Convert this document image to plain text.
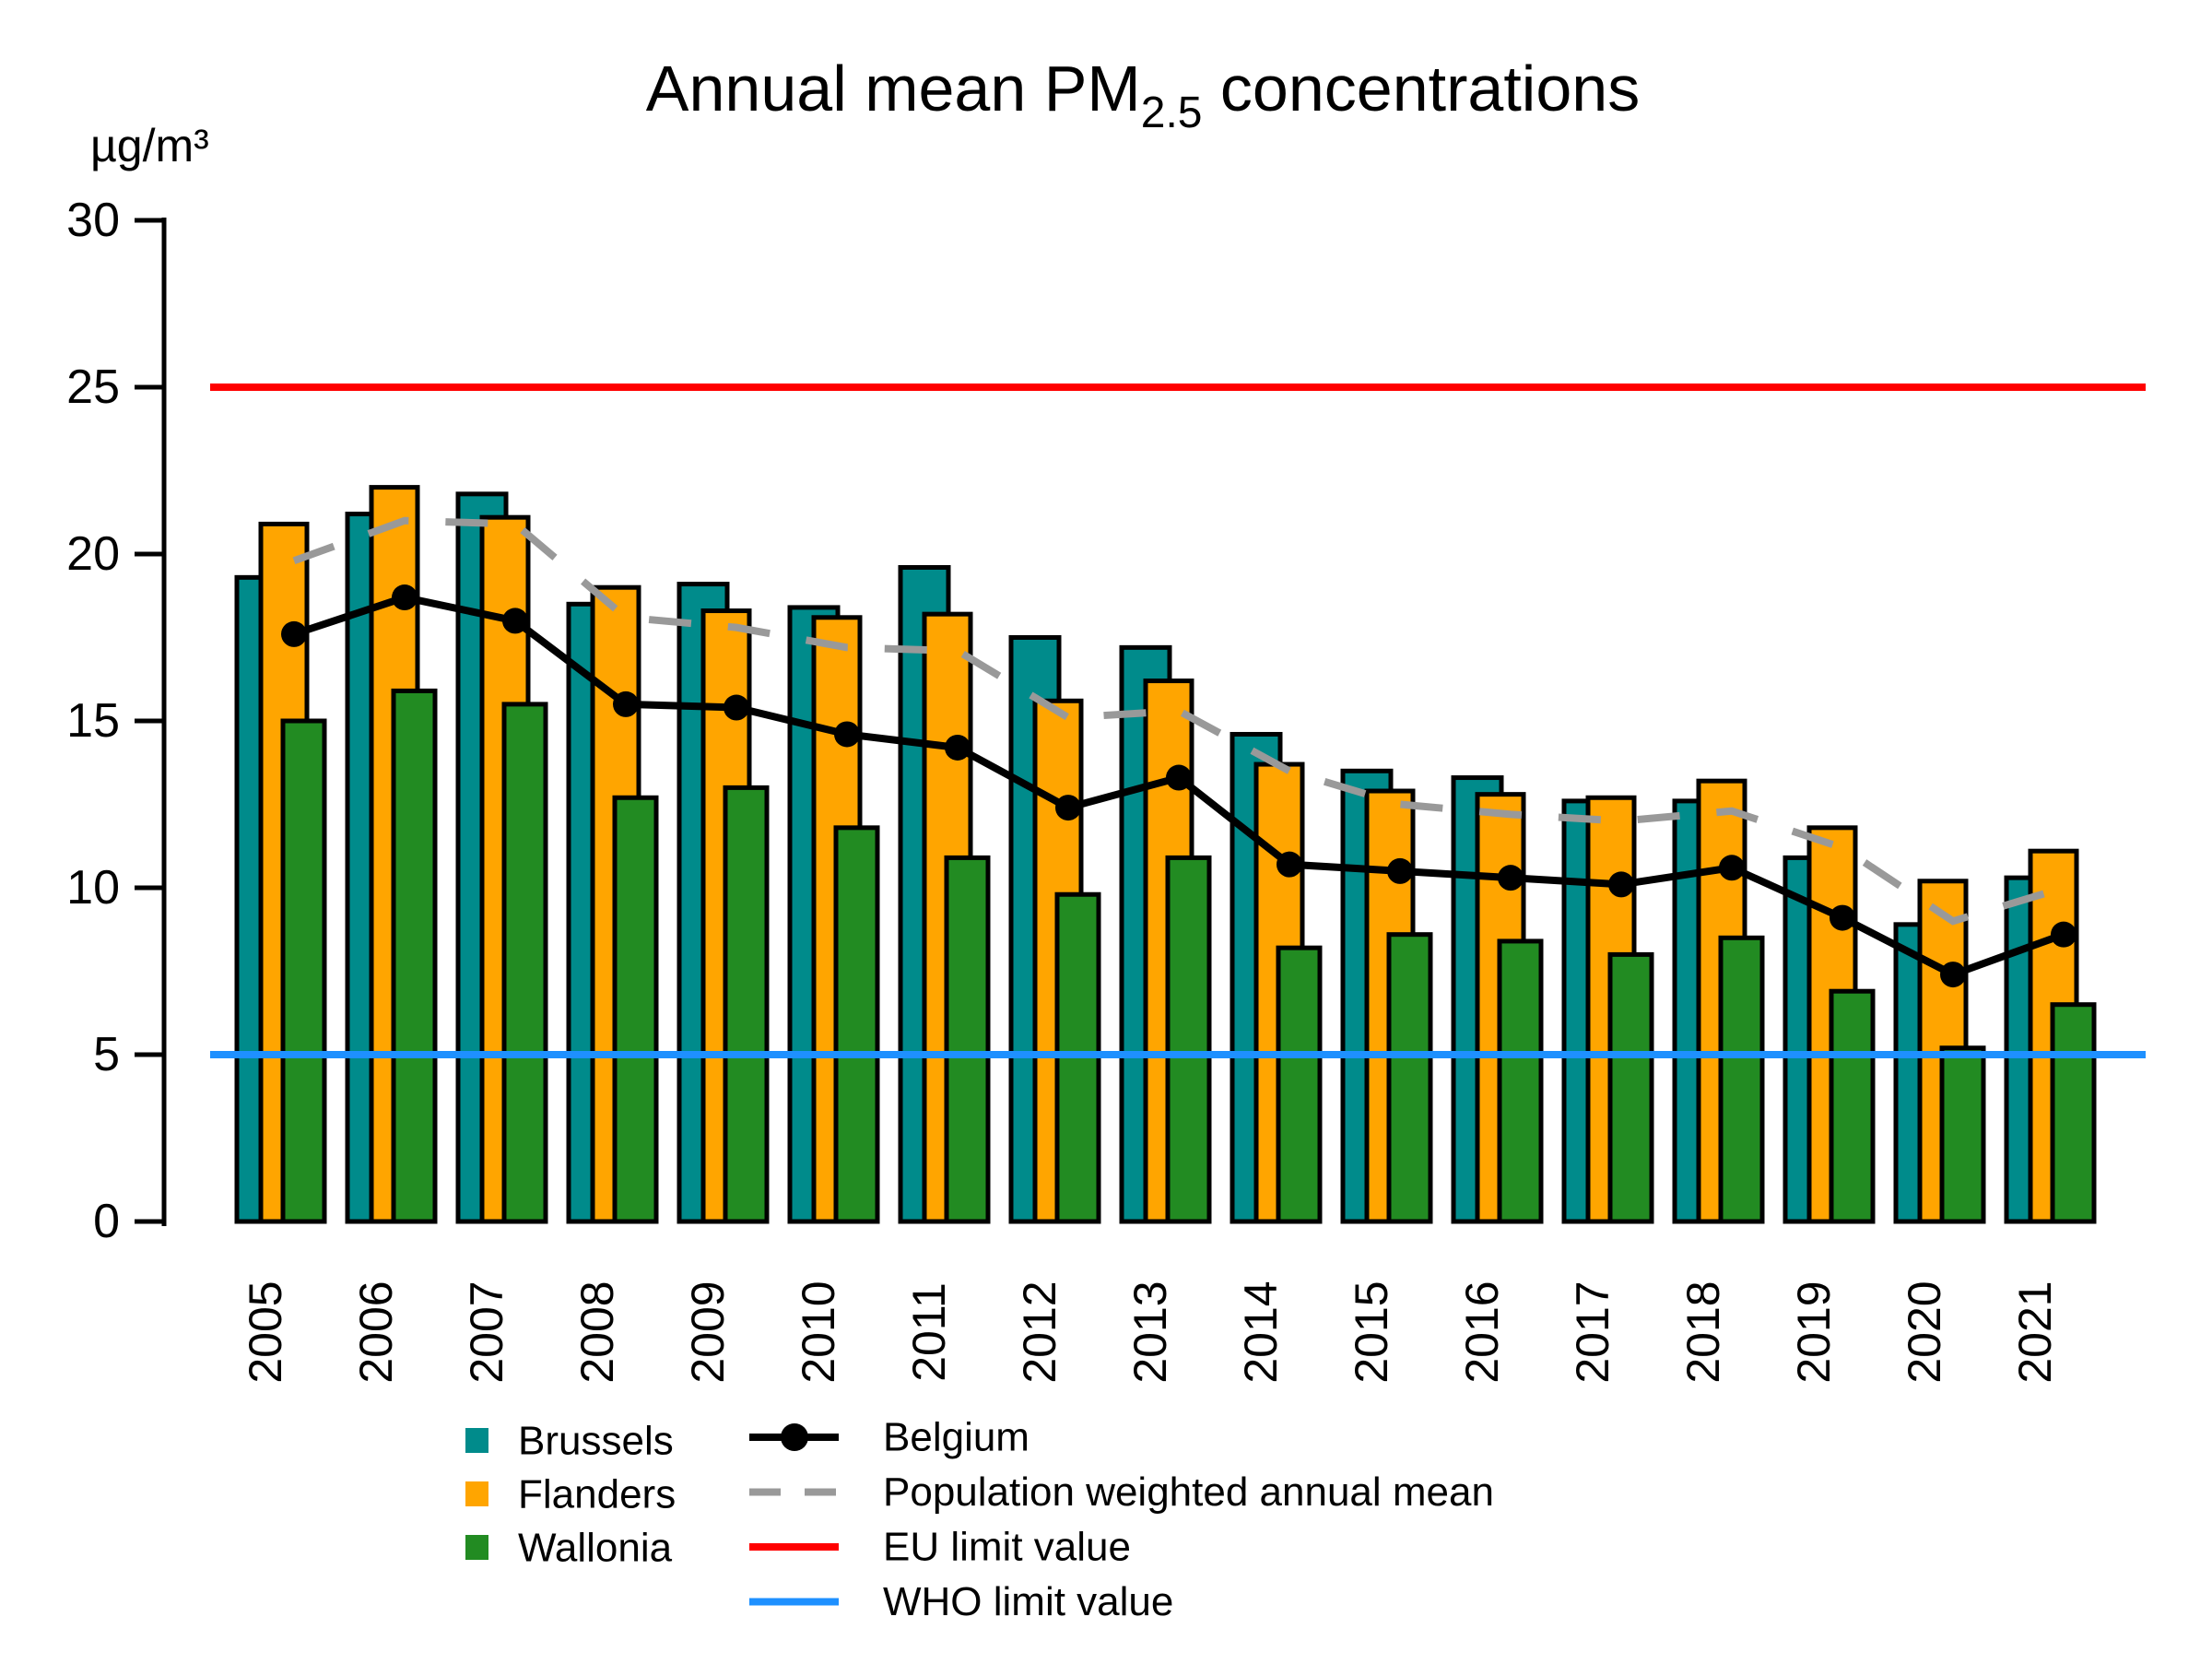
Annual mean $PM_{2.5}$ concentrations
µg/m³
0
5
10
15
20
25
30
2005 2006 2007 2008 2009 2010 2011 2012 2013 2014 2015 2016 2017 2018 2019 2020 2021
Brussels
Flanders
Wallonia
Belgium
Population weighted annual mean
EU limit value
WHO limit value
